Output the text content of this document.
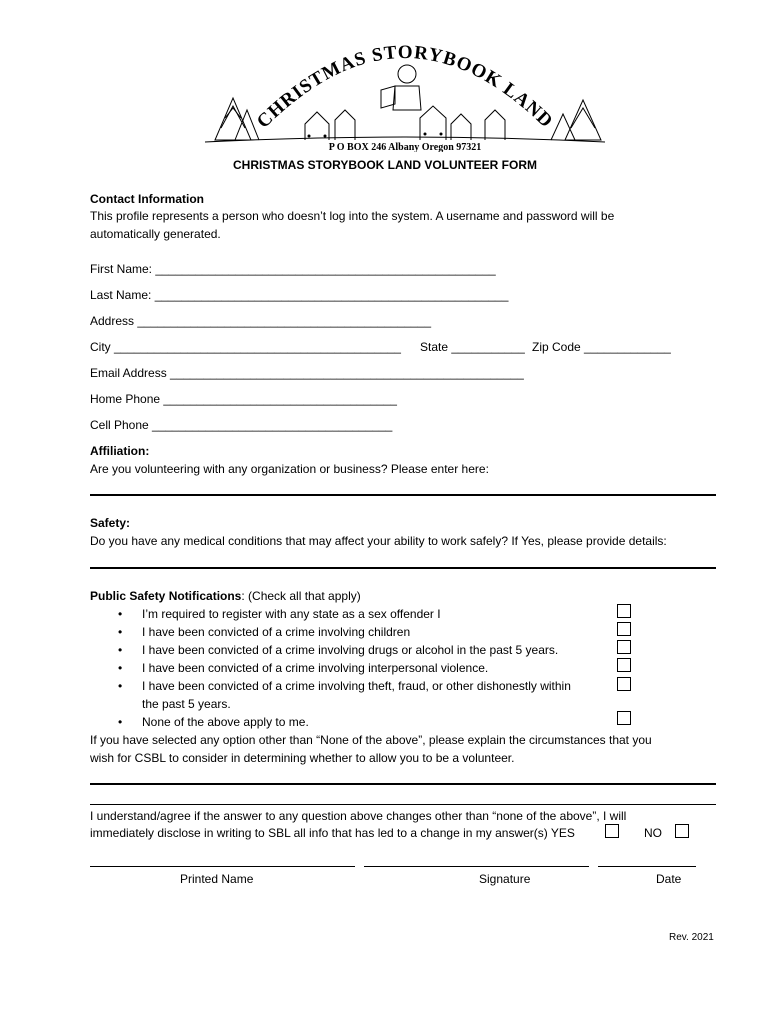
CHRISTMAS STORYBOOK LAND
P O BOX 246 Albany Oregon 97321
CHRISTMAS STORYBOOK LAND VOLUNTEER FORM
Contact Information
This profile represents a person who doesn’t log into the system. A username and password will be
automatically generated.
First Name: ___________________________________________________
Last Name: _____________________________________________________
Address ____________________________________________
City ___________________________________________ State ___________ Zip Code _____________
Email Address _____________________________________________________
Home Phone ___________________________________
Cell Phone ____________________________________
Affiliation:
Are you volunteering with any organization or business? Please enter here:
Safety:
Do you have any medical conditions that may affect your ability to work safely? If Yes, please provide details:
Public Safety Notifications: (Check all that apply)
• I’m required to register with any state as a sex offender I
• I have been convicted of a crime involving children
• I have been convicted of a crime involving drugs or alcohol in the past 5 years.
• I have been convicted of a crime involving interpersonal violence.
• I have been convicted of a crime involving theft, fraud, or other dishonestly within
the past 5 years.
• None of the above apply to me.
If you have selected any option other than “None of the above”, please explain the circumstances that you
wish for CSBL to consider in determining whether to allow you to be a volunteer.
I understand/agree if the answer to any question above changes other than “none of the above”, I will
immediately disclose in writing to SBL all info that has led to a change in my answer(s) YES	NO
Printed Name	Signature	Date
Rev. 2021
